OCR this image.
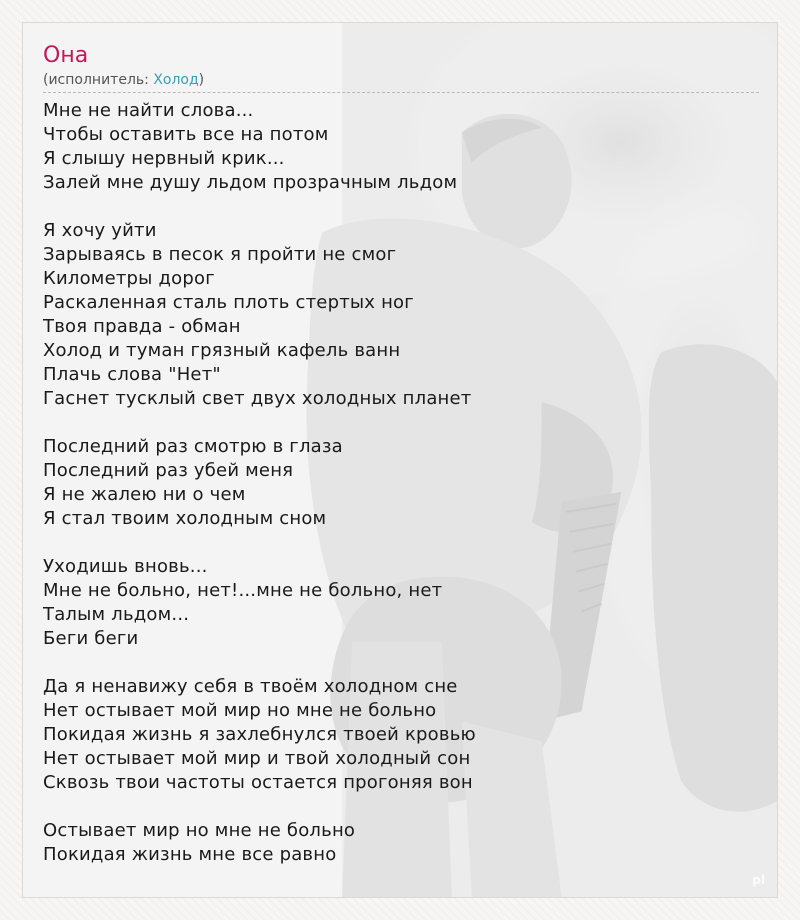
Она
(исполнитель: Холод)
Мне не найти слова...
Чтобы оставить все на потом
Я слышу нервный крик...
Залей мне душу льдом прозрачным льдом
Я хочу уйти
Зарываясь в песок я пройти не смог
Километры дорог
Раскаленная сталь плоть стертых ног
Твоя правда - обман
Холод и туман грязный кафель ванн
Плачь слова "Нет"
Гаснет тусклый свет двух холодных планет
Последний раз смотрю в глаза
Последний раз убей меня
Я не жалею ни о чем
Я стал твоим холодным сном
Уходишь вновь...
Мне не больно, нет!...мне не больно, нет
Талым льдом...
Беги беги
Да я ненавижу себя в твоём холодном сне
Нет остывает мой мир но мне не больно
Покидая жизнь я захлебнулся твоей кровью
Нет остывает мой мир и твой холодный сон
Сквозь твои частоты остается прогоняя вон
Остывает мир но мне не больно
Покидая жизнь мне все равно
pl
